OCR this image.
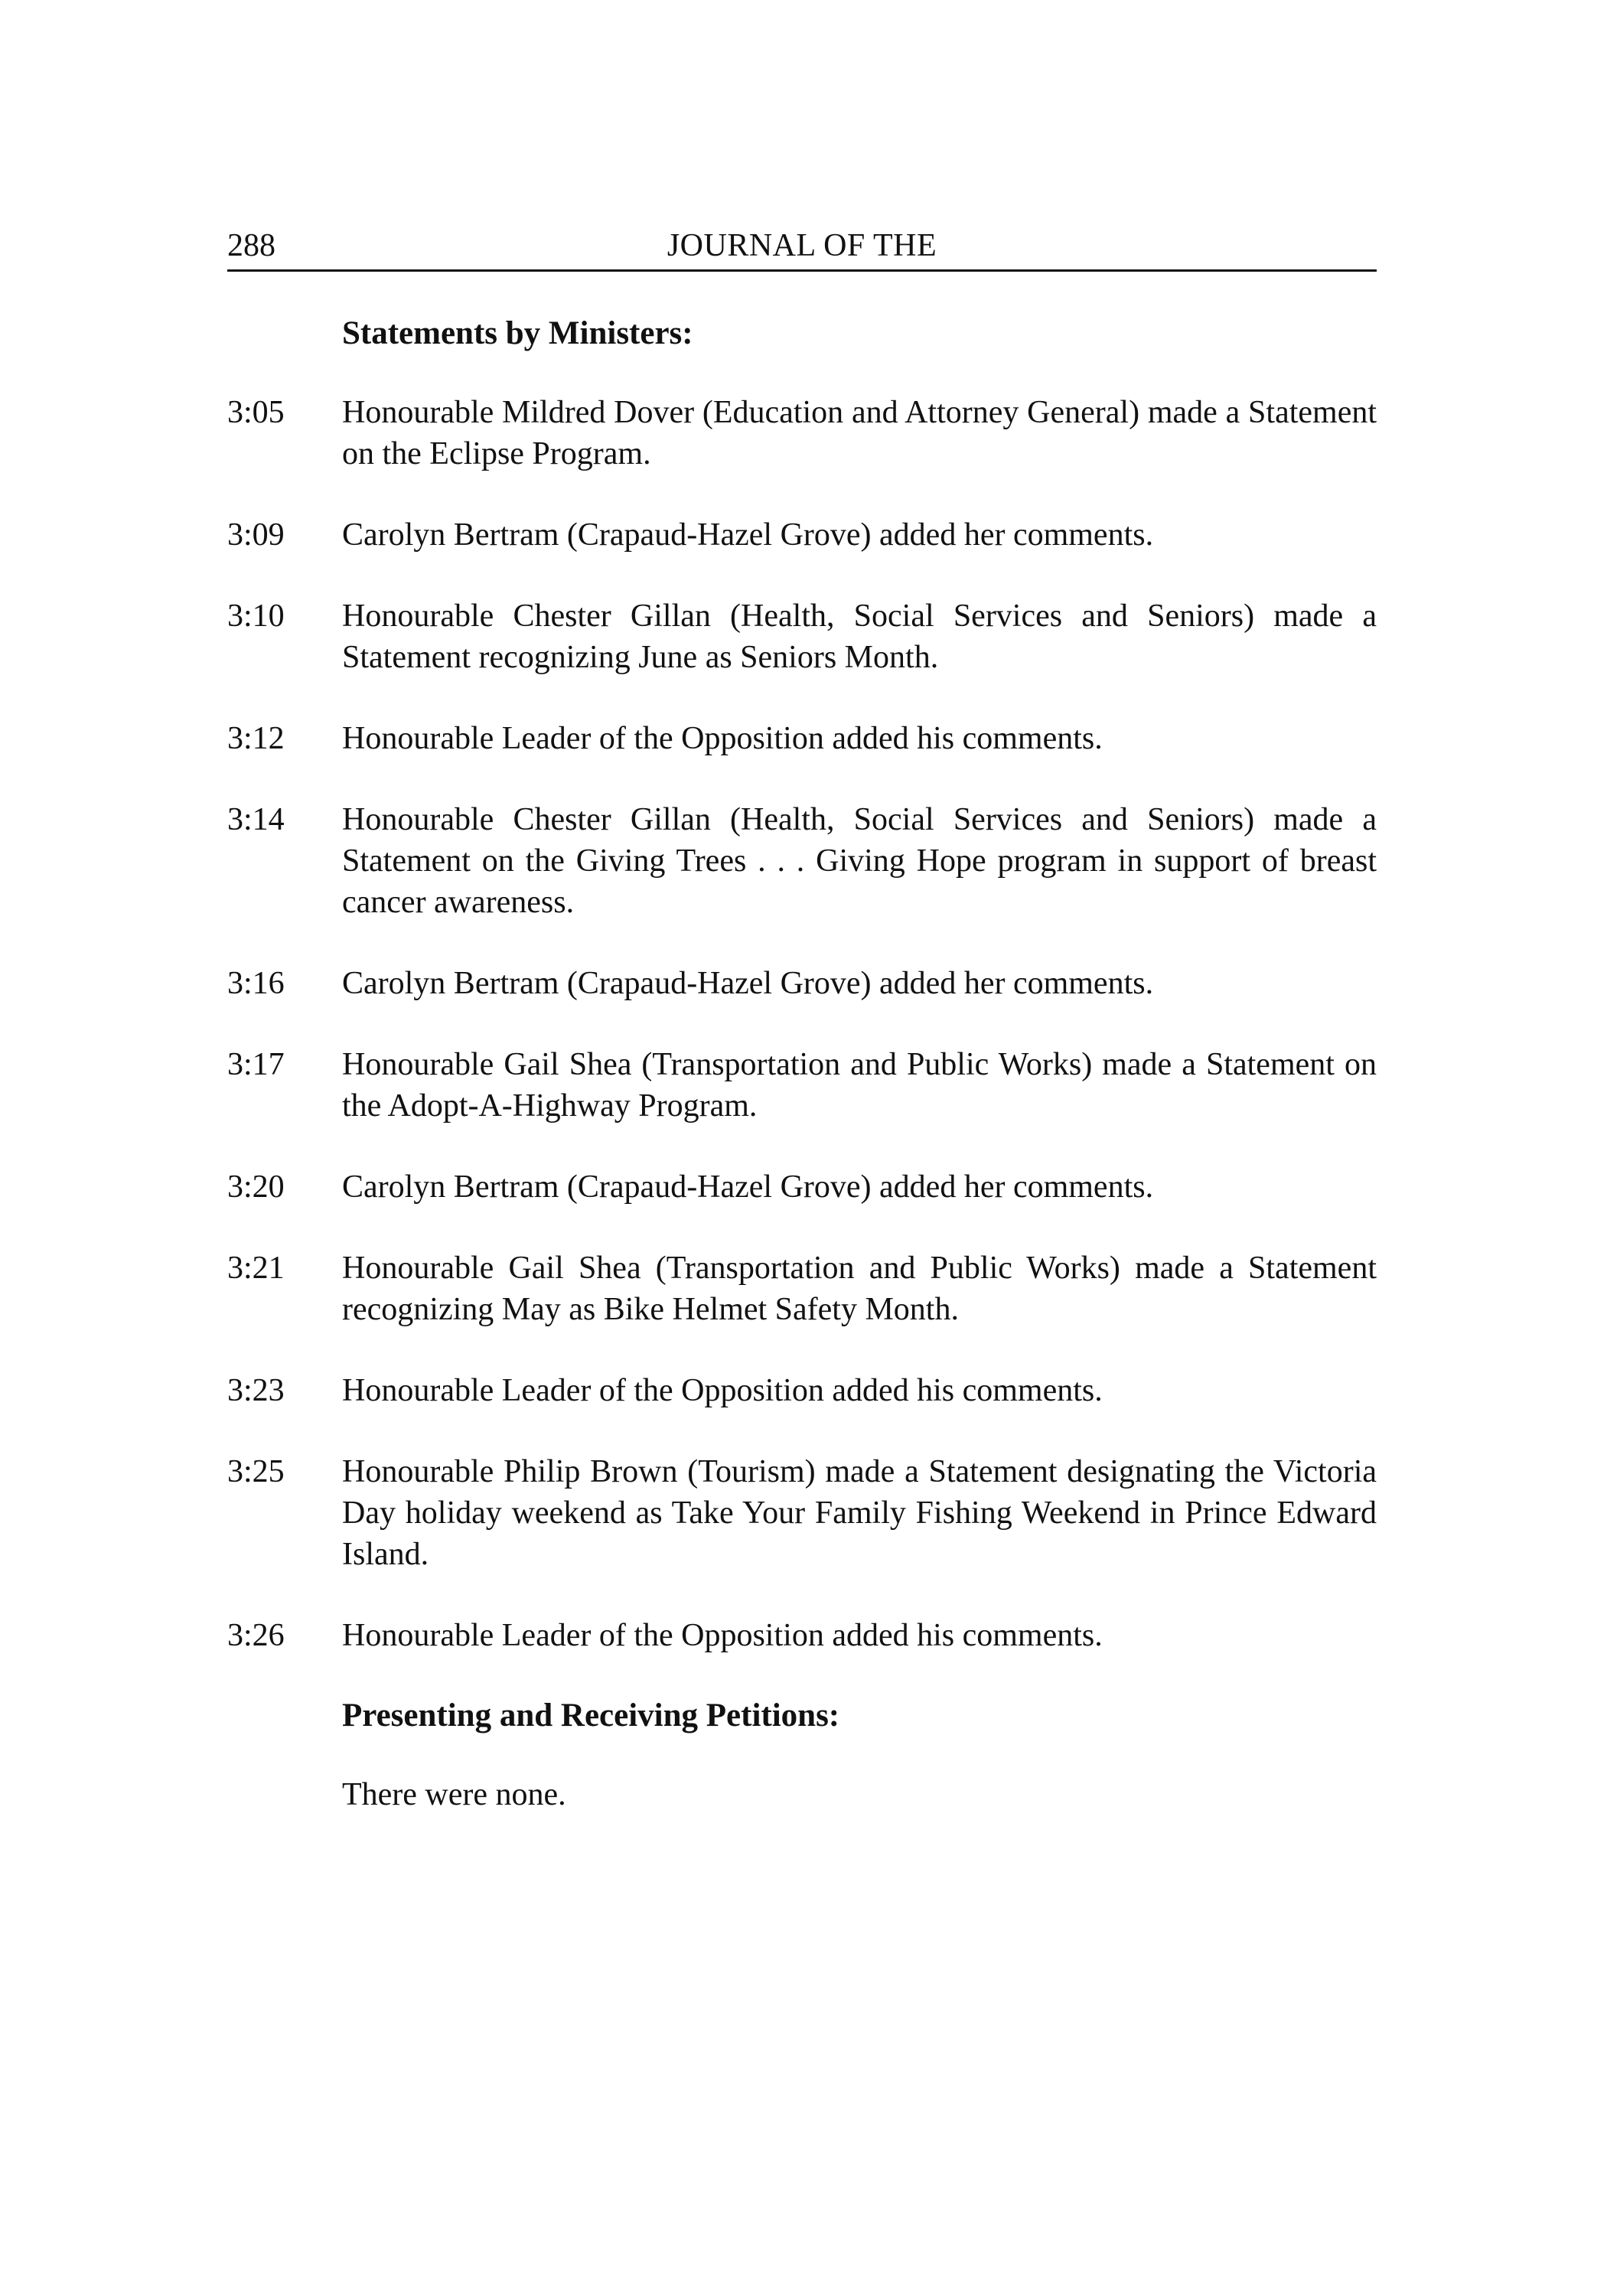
288	JOURNAL OF THE
Statements by Ministers:
3:05	Honourable Mildred Dover (Education and Attorney General) made a Statement on the Eclipse Program.
3:09	Carolyn Bertram (Crapaud-Hazel Grove) added her comments.
3:10	Honourable Chester Gillan (Health, Social Services and Seniors) made a Statement recognizing June as Seniors Month.
3:12	Honourable Leader of the Opposition added his comments.
3:14	Honourable Chester Gillan (Health, Social Services and Seniors) made a Statement on the Giving Trees . . . Giving Hope program in support of breast cancer awareness.
3:16	Carolyn Bertram (Crapaud-Hazel Grove) added her comments.
3:17	Honourable Gail Shea (Transportation and Public Works) made a Statement on the Adopt-A-Highway Program.
3:20	Carolyn Bertram (Crapaud-Hazel Grove) added her comments.
3:21	Honourable Gail Shea (Transportation and Public Works) made a Statement recognizing May as Bike Helmet Safety Month.
3:23	Honourable Leader of the Opposition added his comments.
3:25	Honourable Philip Brown (Tourism) made a Statement designating the Victoria Day holiday weekend as Take Your Family Fishing Weekend in Prince Edward Island.
3:26	Honourable Leader of the Opposition added his comments.
Presenting and Receiving Petitions:
There were none.
